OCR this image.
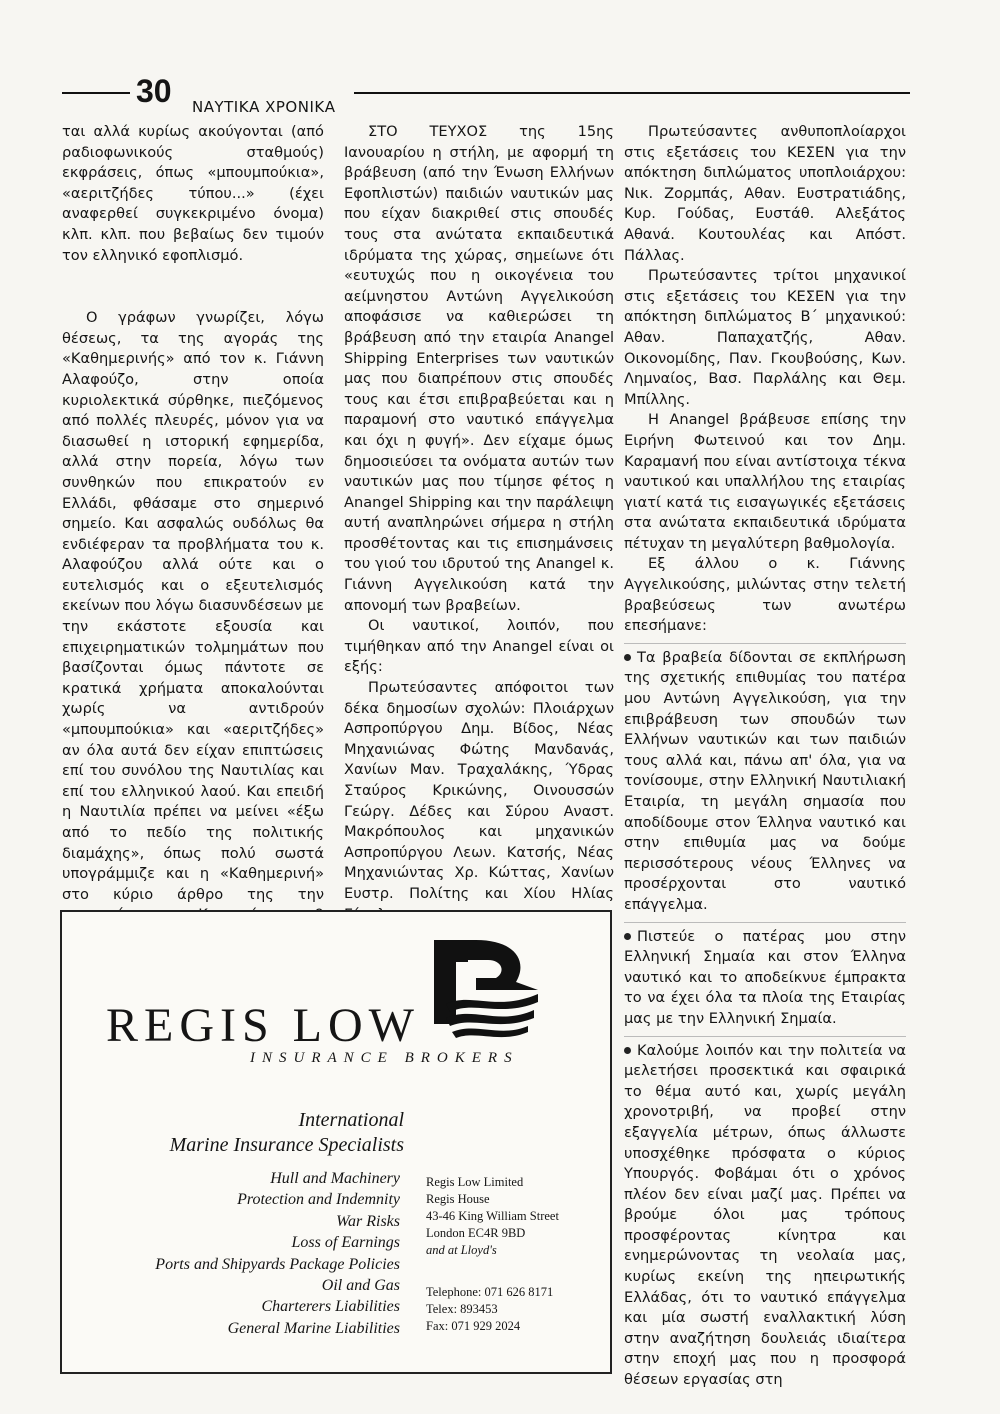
30 ΝΑΥΤΙΚΑ ΧΡΟΝΙΚΑ

ται αλλά κυρίως ακούγονται (από ραδιοφωνικούς σταθμούς) εκφράσεις, όπως «μπουμπούκια», «αεριτζήδες τύπου...» (έχει αναφερθεί συγκεκριμένο όνομα) κλπ. κλπ. που βεβαίως δεν τιμούν τον ελληνικό εφοπλισμό.

Ο γράφων γνωρίζει, λόγω θέσεως, τα της αγοράς της «Καθημερινής» από τον κ. Γιάννη Αλαφούζο, στην οποία κυριολεκτικά σύρθηκε, πιεζόμενος από πολλές πλευρές, μόνον για να διασωθεί η ιστορική εφημερίδα, αλλά στην πορεία, λόγω των συνθηκών που επικρατούν εν Ελλάδι, φθάσαμε στο σημερινό σημείο. Και ασφαλώς ουδόλως θα ενδιέφεραν τα προβλήματα του κ. Αλαφούζου αλλά ούτε και ο ευτελισμός και ο εξευτελισμός εκείνων που λόγω διασυνδέσεων με την εκάστοτε εξουσία και επιχειρηματικών τολμημάτων που βασίζονται όμως πάντοτε σε κρατικά χρήματα αποκαλούνται χωρίς να αντιδρούν «μπουμπούκια» και «αεριτζήδες» αν όλα αυτά δεν είχαν επιπτώσεις επί του συνόλου της Ναυτιλίας και επί του ελληνικού λαού. Και επειδή η Ναυτιλία πρέπει να μείνει «έξω από το πεδίο της πολιτικής διαμάχης», όπως πολύ σωστά υπογράμμιζε και η «Καθημερινή» στο κύριο άρθρο της την

ΣΤΟ ΤΕΥΧΟΣ της 15ης Ιανουαρίου η στήλη, με αφορμή τη βράβευση (από την Ένωση Ελλήνων Εφοπλιστών) παιδιών ναυτικών μας που είχαν διακριθεί στις σπουδές τους στα ανώτατα εκπαιδευτικά ιδρύματα της χώρας, σημείωνε ότι «ευτυχώς που η οικογένεια του αείμνηστου Αντώνη Αγγελικούση αποφάσισε να καθιερώσει τη βράβευση από την εταιρία Anangel Shipping Enterprises των ναυτικών μας που διαπρέπουν στις σπουδές τους και έτσι επιβραβεύεται και η παραμονή στο ναυτικό επάγγελμα και όχι η φυγή». Δεν είχαμε όμως δημοσιεύσει τα ονόματα αυτών των ναυτικών μας που τίμησε φέτος η Anangel Shipping και την παράλειψη αυτή αναπληρώνει σήμερα η στήλη προσθέτοντας και τις επισημάνσεις του γιού του ιδρυτού της Anangel κ. Γιάννη Αγγελικούση κατά την απονομή των βραβείων.

Οι ναυτικοί, λοιπόν, που τιμήθηκαν από την Anangel είναι οι εξής:

Πρωτεύσαντες απόφοιτοι των δέκα δημοσίων σχολών: Πλοιάρχων Ασπροπύργου Δημ. Βίδος, Νέας Μηχανιώνας Φώτης Μανδανάς, Χανίων Μαν. Τραχαλάκης, Ύδρας Σταύρος Κρικώνης, Οινουσσών Γεώργ. Δέδες και Σύρου Αναστ. Μακρόπουλος και μηχανικών Ασπροπύργου Λεων. Κατσής, Νέας Μηχανιώντας Χρ. Κώττας, Χανίων Ευστρ. Πολίτης και Χίου Ηλίας

Πρωτεύσαντες ανθυποπλοίαρχοι στις εξετάσεις του ΚΕΣΕΝ για την απόκτηση διπλώματος υποπλοιάρχου: Νικ. Ζορμπάς, Αθαν. Ευστρατιάδης, Κυρ. Γούδας, Ευστάθ. Αλεξάτος Αθανά. Κουτουλέας και Απόστ. Πάλλας.

Πρωτεύσαντες τρίτοι μηχανικοί στις εξετάσεις του ΚΕΣΕΝ για την απόκτηση διπλώματος Β΄ μηχανικού: Αθαν. Παπαχατζής, Αθαν. Οικονομίδης, Παν. Γκουβούσης, Κων. Λημναίος, Βασ. Παρλάλης και Θεμ. Μπίλλης.

Η Anangel βράβευσε επίσης την Ειρήνη Φωτεινού και τον Δημ. Καραμανή που είναι αντίστοιχα τέκνα ναυτικού και υπαλλήλου της εταιρίας γιατί κατά τις εισαγωγικές εξετάσεις στα ανώτατα εκπαιδευτικά ιδρύματα πέτυχαν τη μεγαλύτερη βαθμολογία.

Εξ άλλου ο κ. Γιάννης Αγγελικούσης, μιλώντας στην τελετή βραβεύσεως των ανωτέρω επεσήμανε:

Τα βραβεία δίδονται σε εκπλήρωση της σχετικής επιθυμίας του πατέρα μου Αντώνη Αγγελικούση, για την επιβράβευση των σπουδών των Ελλήνων ναυτικών και των παιδιών τους αλλά και, πάνω απ' όλα, για να τονίσουμε, στην Ελληνική Ναυτιλιακή Εταιρία, τη μεγάλη σημασία που αποδίδουμε στον Έλληνα ναυτικό και στην επιθυμία μας να δούμε περισσότερους νέους Έλληνες να προσέρχονται στο ναυτικό επάγγελμα.

Πιστεύε ο πατέρας μου στην Ελληνική Σημαία και στον Έλληνα ναυτικό και το αποδείκνυε έμπρακτα το να έχει όλα τα πλοία της Εταιρίας μας με την Ελληνική Σημαία.

Καλούμε λοιπόν και την πολιτεία να μελετήσει προσεκτικά και σφαιρικά το θέμα αυτό και, χωρίς μεγάλη χρονοτριβή, να προβεί στην εξαγγελία μέτρων, όπως άλλωστε υποσχέθηκε πρόσφατα ο κύριος Υπουργός. Φοβάμαι ότι ο χρόνος πλέον δεν είναι μαζί μας. Πρέπει να βρούμε όλοι μας τρόπους προσφέροντας κίνητρα και ενημερώνοντας τη νεολαία μας, κυρίως εκείνη της ηπειρωτικής Ελλάδας, ότι το ναυτικό επάγγελμα και μία σωστή εναλλακτική λύση στην αναζήτηση δουλειάς ιδιαίτερα στην εποχή μας που η προσφορά θέσεων εργασίας στη

REGIS LOW
INSURANCE BROKERS
International
Marine Insurance Specialists
Hull and Machinery
Protection and Indemnity
War Risks
Loss of Earnings
Ports and Shipyards Package Policies
Oil and Gas
Charterers Liabilities
General Marine Liabilities
Regis Low Limited
Regis House
43-46 King William Street
London EC4R 9BD
and at Lloyd's
Telephone: 071 626 8171
Telex: 893453
Fax: 071 929 2024
